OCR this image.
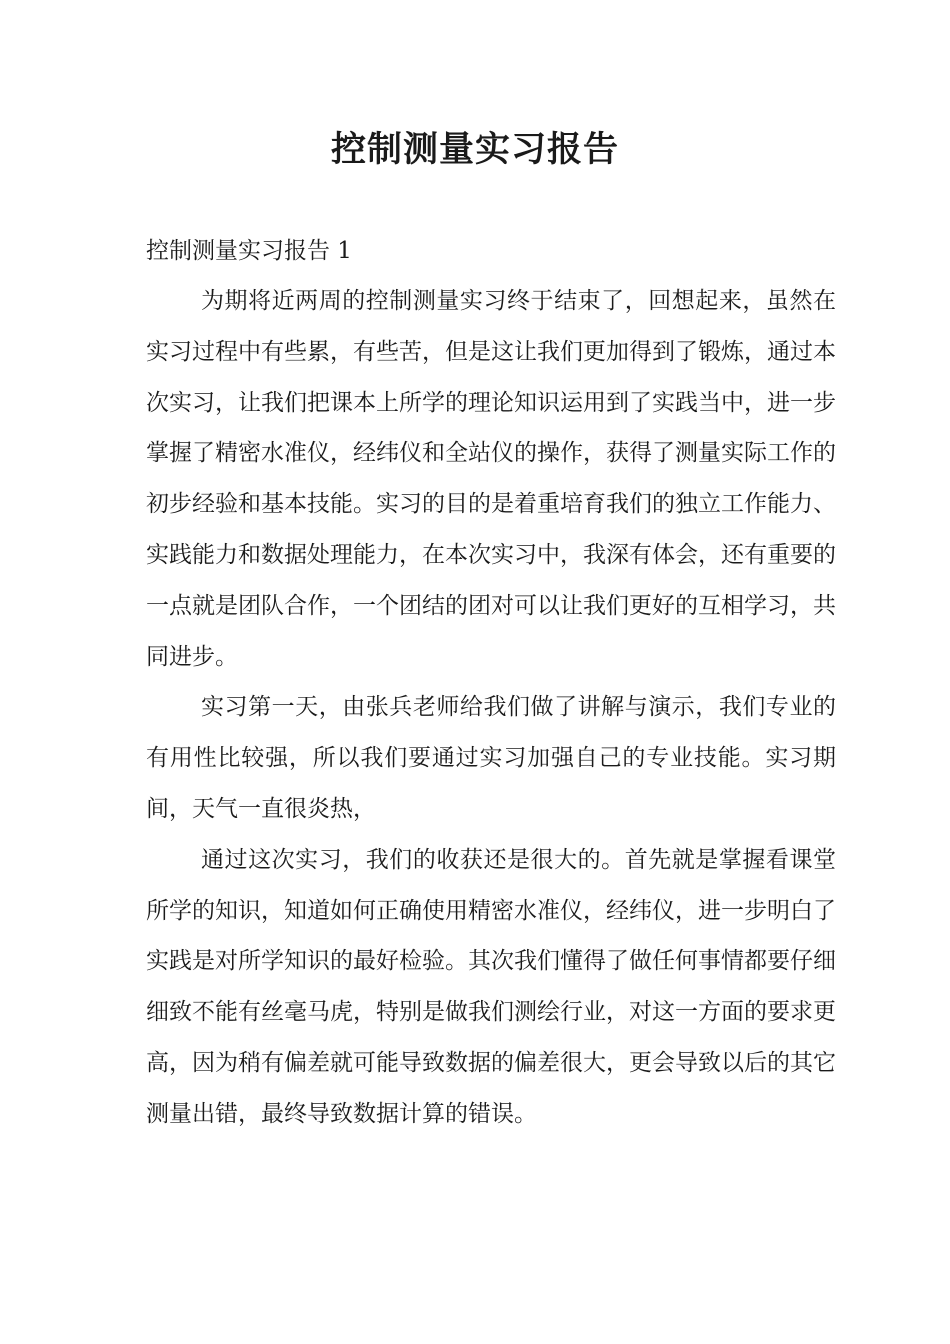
控制测量实习报告

控制测量实习报告 1

为期将近两周的控制测量实习终于结束了，回想起来，虽然在实习过程中有些累，有些苦，但是这让我们更加得到了锻炼，通过本次实习，让我们把课本上所学的理论知识运用到了实践当中，进一步掌握了精密水准仪，经纬仪和全站仪的操作，获得了测量实际工作的初步经验和基本技能。实习的目的是着重培育我们的独立工作能力、实践能力和数据处理能力，在本次实习中，我深有体会，还有重要的一点就是团队合作，一个团结的团对可以让我们更好的互相学习，共同进步。

实习第一天，由张兵老师给我们做了讲解与演示，我们专业的有用性比较强，所以我们要通过实习加强自己的专业技能。实习期间，天气一直很炎热，

通过这次实习，我们的收获还是很大的。首先就是掌握看课堂所学的知识，知道如何正确使用精密水准仪，经纬仪，进一步明白了实践是对所学知识的最好检验。其次我们懂得了做任何事情都要仔细细致不能有丝毫马虎，特别是做我们测绘行业，对这一方面的要求更高，因为稍有偏差就可能导致数据的偏差很大，更会导致以后的其它测量出错，最终导致数据计算的错误。
